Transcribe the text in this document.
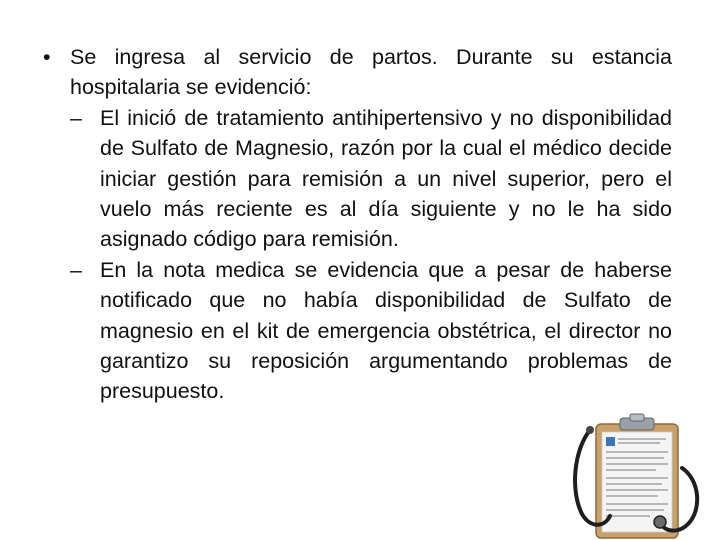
• Se ingresa al servicio de partos. Durante su estancia hospitalaria se evidenció:
– El inició de tratamiento antihipertensivo y no disponibilidad de Sulfato de Magnesio, razón por la cual el médico decide iniciar gestión para remisión a un nivel superior, pero el vuelo más reciente es al día siguiente y no le ha sido asignado código para remisión.
– En la nota medica se evidencia que a pesar de haberse notificado que no había disponibilidad de Sulfato de magnesio en el kit de emergencia obstétrica, el director no garantizo su reposición argumentando problemas de presupuesto.
